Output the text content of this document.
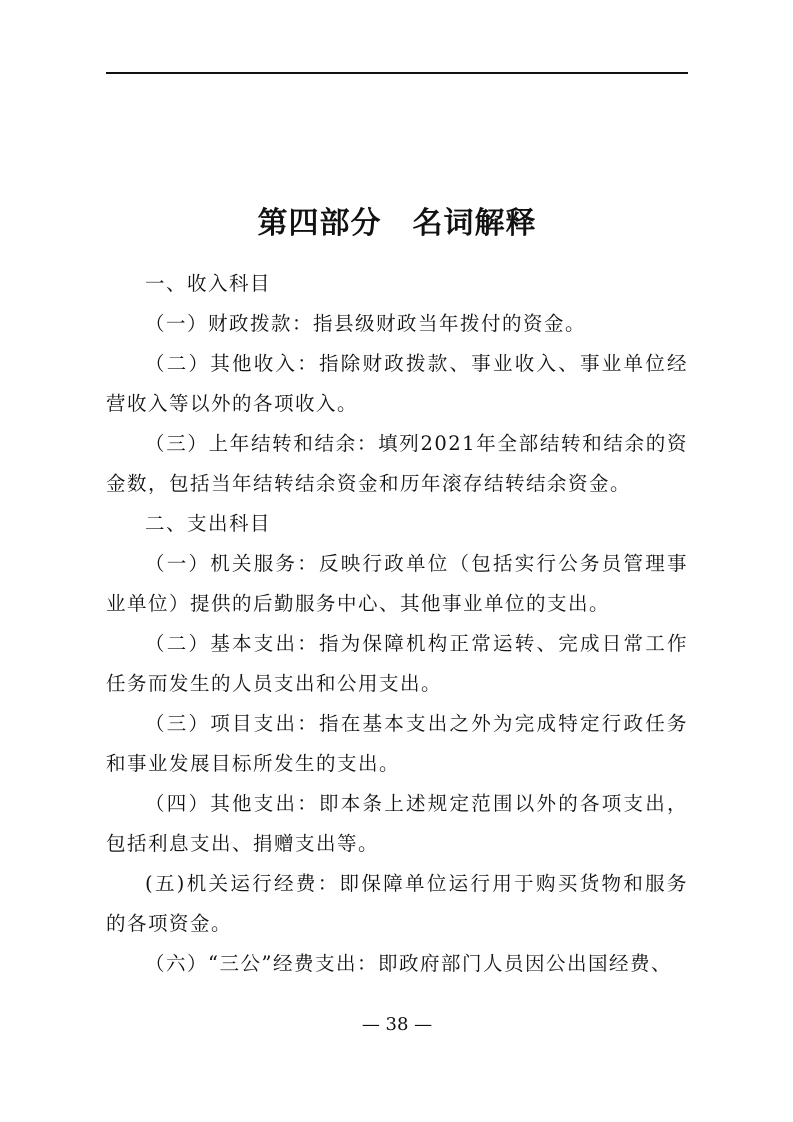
第四部分　名词解释

一、收入科目

（一）财政拨款：指县级财政当年拨付的资金。

（二）其他收入：指除财政拨款、事业收入、事业单位经营收入等以外的各项收入。

（三）上年结转和结余：填列2021年全部结转和结余的资金数，包括当年结转结余资金和历年滚存结转结余资金。

二、支出科目

（一）机关服务：反映行政单位（包括实行公务员管理事业单位）提供的后勤服务中心、其他事业单位的支出。

（二）基本支出：指为保障机构正常运转、完成日常工作任务而发生的人员支出和公用支出。

（三）项目支出：指在基本支出之外为完成特定行政任务和事业发展目标所发生的支出。

（四）其他支出：即本条上述规定范围以外的各项支出，包括利息支出、捐赠支出等。

(五)机关运行经费：即保障单位运行用于购买货物和服务的各项资金。

（六）“三公”经费支出：即政府部门人员因公出国经费、

— 38 —
